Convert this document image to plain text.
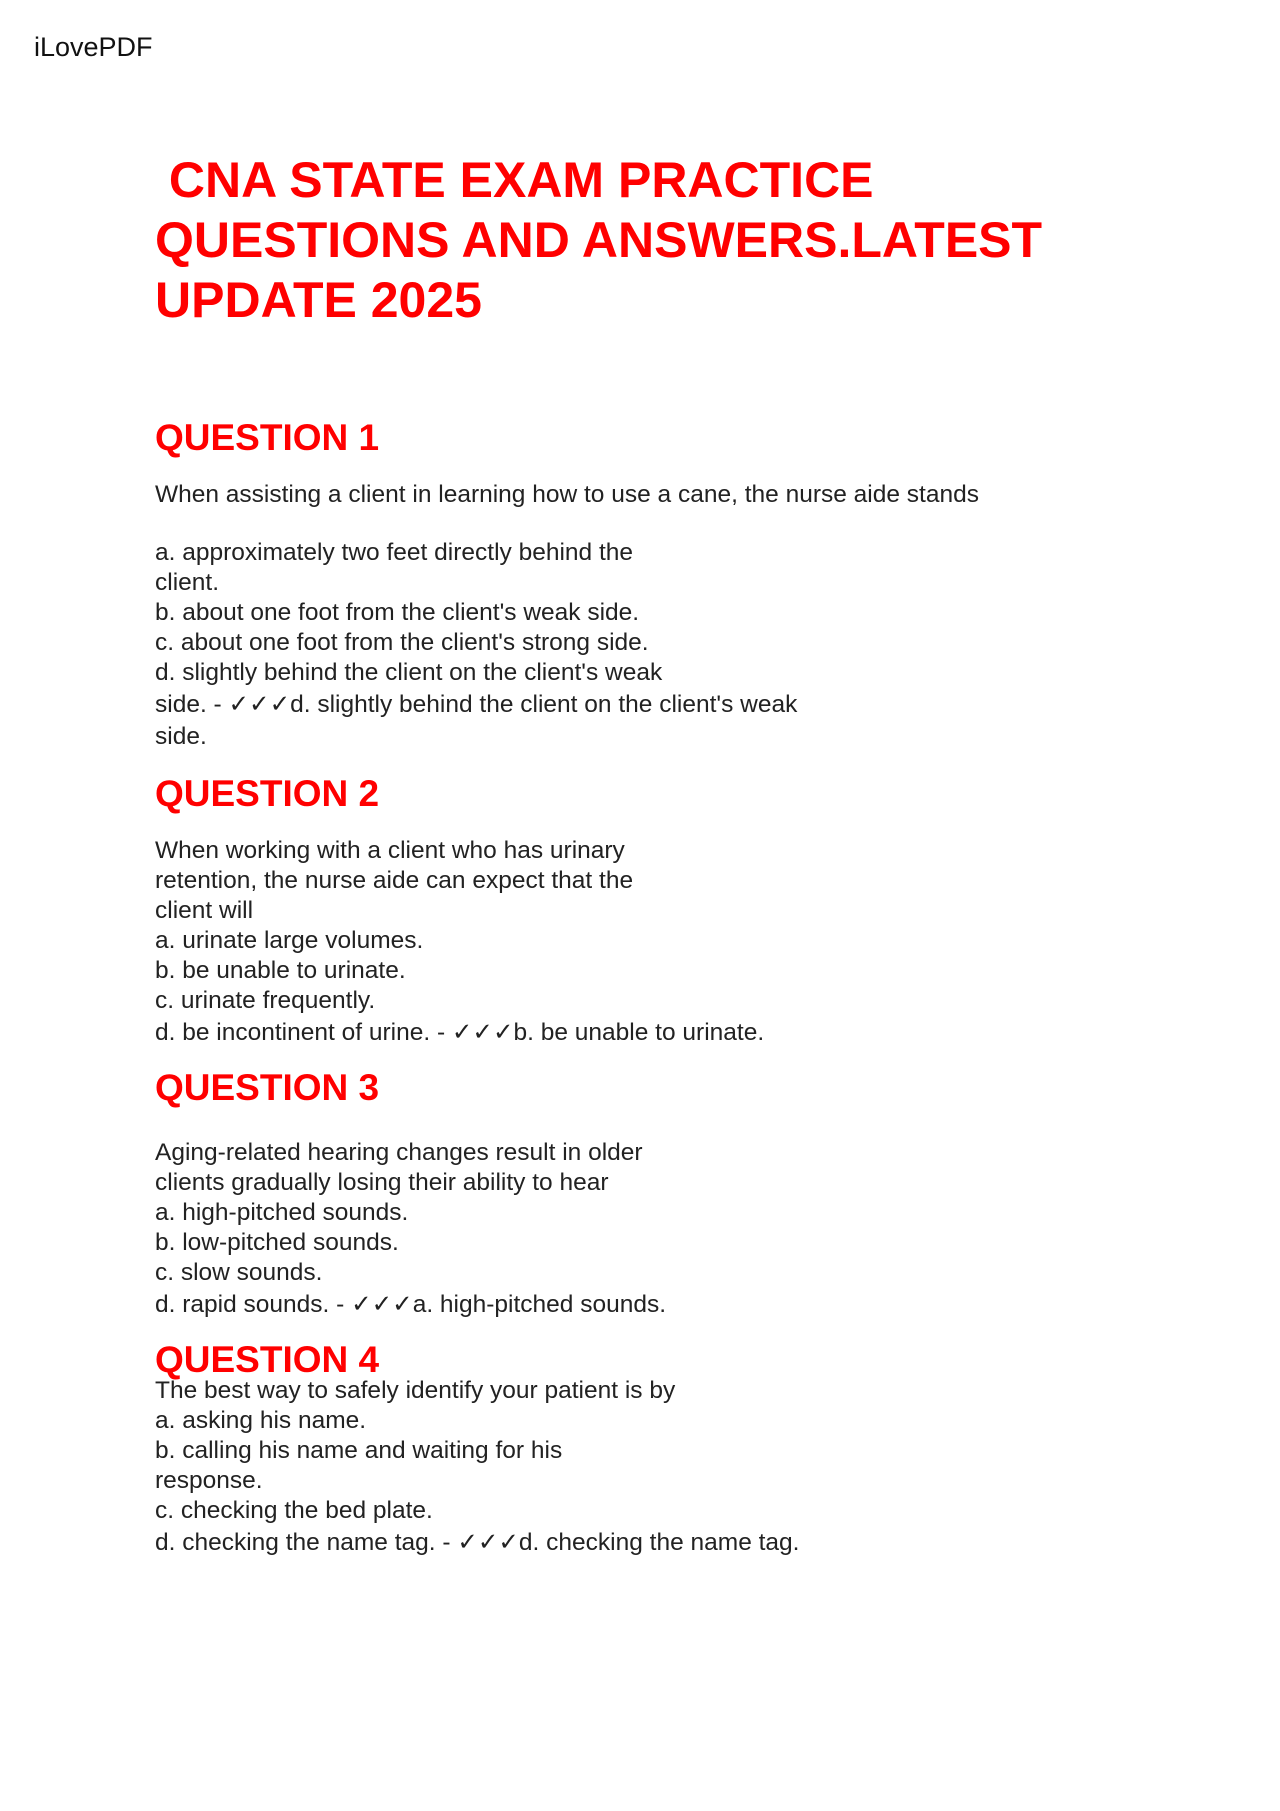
iLovePDF
CNA STATE EXAM PRACTICE
QUESTIONS AND ANSWERS.LATEST
UPDATE 2025
QUESTION 1
When assisting a client in learning how to use a cane, the nurse aide stands
a. approximately two feet directly behind the
client.
b. about one foot from the client's weak side.
c. about one foot from the client's strong side.
d. slightly behind the client on the client's weak
side. - ✓✓✓d. slightly behind the client on the client's weak
side.
QUESTION 2
When working with a client who has urinary
retention, the nurse aide can expect that the
client will
a. urinate large volumes.
b. be unable to urinate.
c. urinate frequently.
d. be incontinent of urine. - ✓✓✓b. be unable to urinate.
QUESTION 3
Aging-related hearing changes result in older
clients gradually losing their ability to hear
a. high-pitched sounds.
b. low-pitched sounds.
c. slow sounds.
d. rapid sounds. - ✓✓✓a. high-pitched sounds.
QUESTION 4
The best way to safely identify your patient is by
a. asking his name.
b. calling his name and waiting for his
response.
c. checking the bed plate.
d. checking the name tag. - ✓✓✓d. checking the name tag.
